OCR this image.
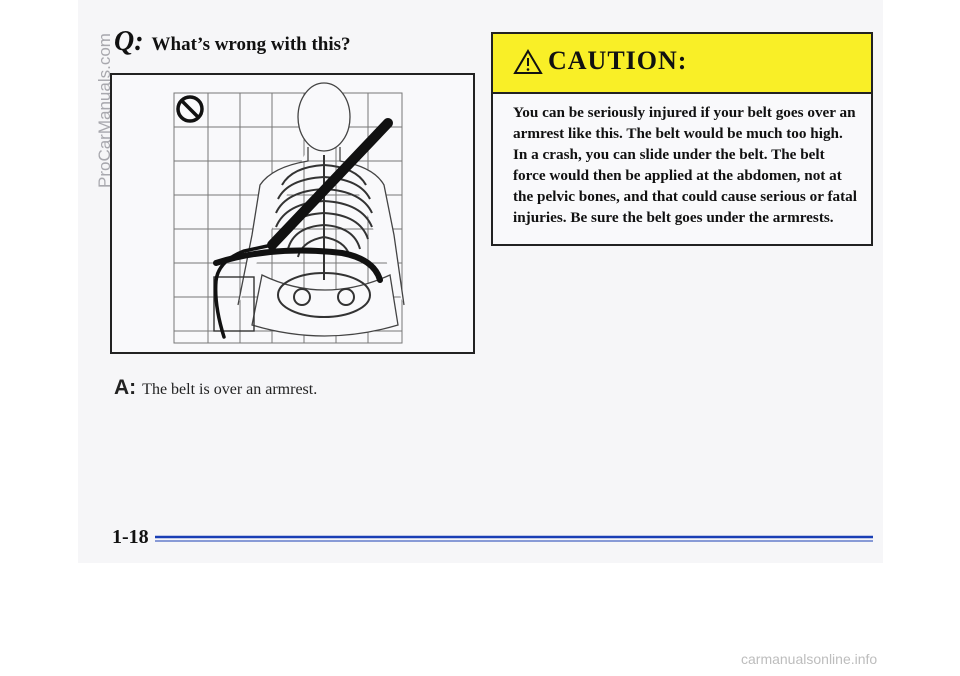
Q: What’s wrong with this?
A: The belt is over an armrest.
CAUTION:
You can be seriously injured if your belt goes over an armrest like this. The belt would be much too high. In a crash, you can slide under the belt. The belt force would then be applied at the abdomen, not at the pelvic bones, and that could cause serious or fatal injuries. Be sure the belt goes under the armrests.
ProCarManuals.com
1-18
carmanualsonline.info
